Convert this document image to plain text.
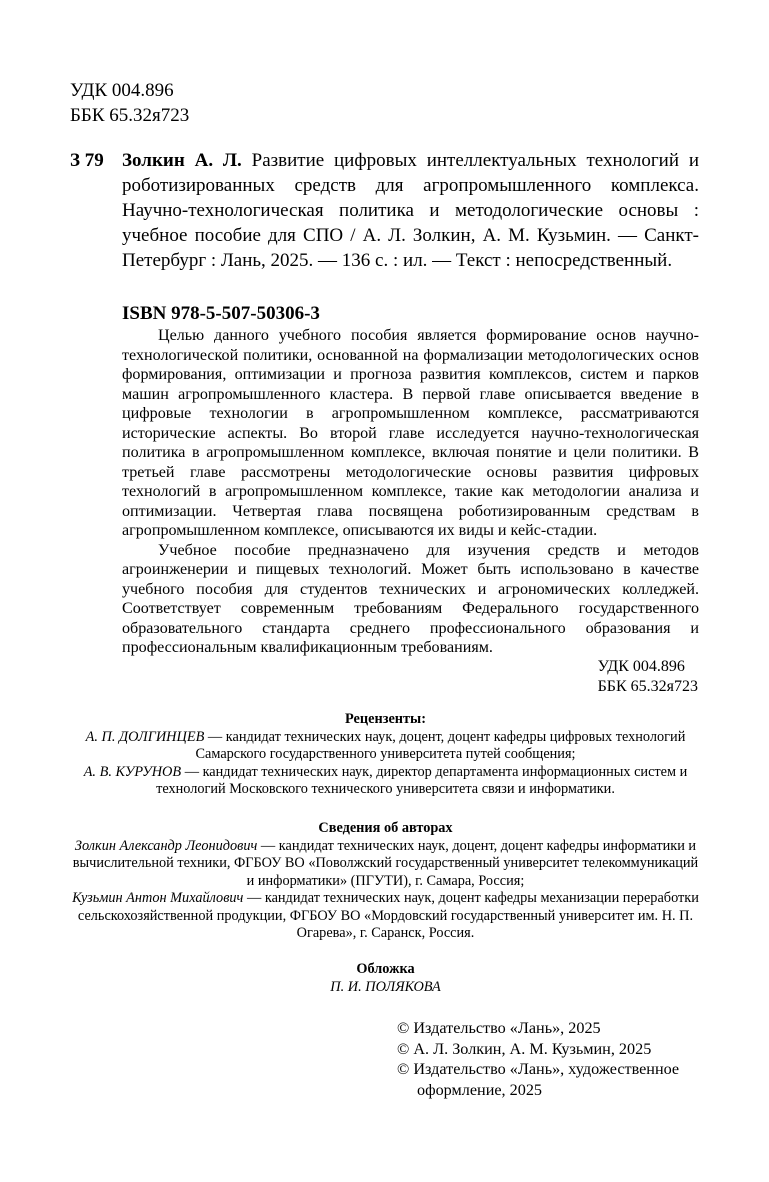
УДК 004.896
ББК 65.32я723
З 79 Золкин А. Л. Развитие цифровых интеллектуальных технологий и роботизированных средств для агропромышленного комплекса. Научно-технологическая политика и методологические основы : учебное пособие для СПО / А. Л. Золкин, А. М. Кузьмин. — Санкт-Петербург : Лань, 2025. — 136 с. : ил. — Текст : непосредственный.
ISBN 978-5-507-50306-3

Целью данного учебного пособия является формирование основ научно-технологической политики, основанной на формализации методологических основ формирования, оптимизации и прогноза развития комплексов, систем и парков машин агропромышленного кластера. В первой главе описывается введение в цифровые технологии в агропромышленном комплексе, рассматриваются исторические аспекты. Во второй главе исследуется научно-технологическая политика в агропромышленном комплексе, включая понятие и цели политики. В третьей главе рассмотрены методологические основы развития цифровых технологий в агропромышленном комплексе, такие как методологии анализа и оптимизации. Четвертая глава посвящена роботизированным средствам в агропромышленном комплексе, описываются их виды и кейс-стадии.

Учебное пособие предназначено для изучения средств и методов агроинженерии и пищевых технологий. Может быть использовано в качестве учебного пособия для студентов технических и агрономических колледжей. Соответствует современным требованиям Федерального государственного образовательного стандарта среднего профессионального образования и профессиональным квалификационным требованиям.

УДК 004.896
ББК 65.32я723
Рецензенты:
А. П. ДОЛГИНЦЕВ — кандидат технических наук, доцент, доцент кафедры цифровых технологий Самарского государственного университета путей сообщения;
А. В. КУРУНОВ — кандидат технических наук, директор департамента информационных систем и технологий Московского технического университета связи и информатики.
Сведения об авторах
Золкин Александр Леонидович — кандидат технических наук, доцент, доцент кафедры информатики и вычислительной техники, ФГБОУ ВО «Поволжский государственный университет телекоммуникаций и информатики» (ПГУТИ), г. Самара, Россия;
Кузьмин Антон Михайлович — кандидат технических наук, доцент кафедры механизации переработки сельскохозяйственной продукции, ФГБОУ ВО «Мордовский государственный университет им. Н. П. Огарева», г. Саранск, Россия.
Обложка
П. И. ПОЛЯКОВА
© Издательство «Лань», 2025
© А. Л. Золкин, А. М. Кузьмин, 2025
© Издательство «Лань», художественное оформление, 2025
